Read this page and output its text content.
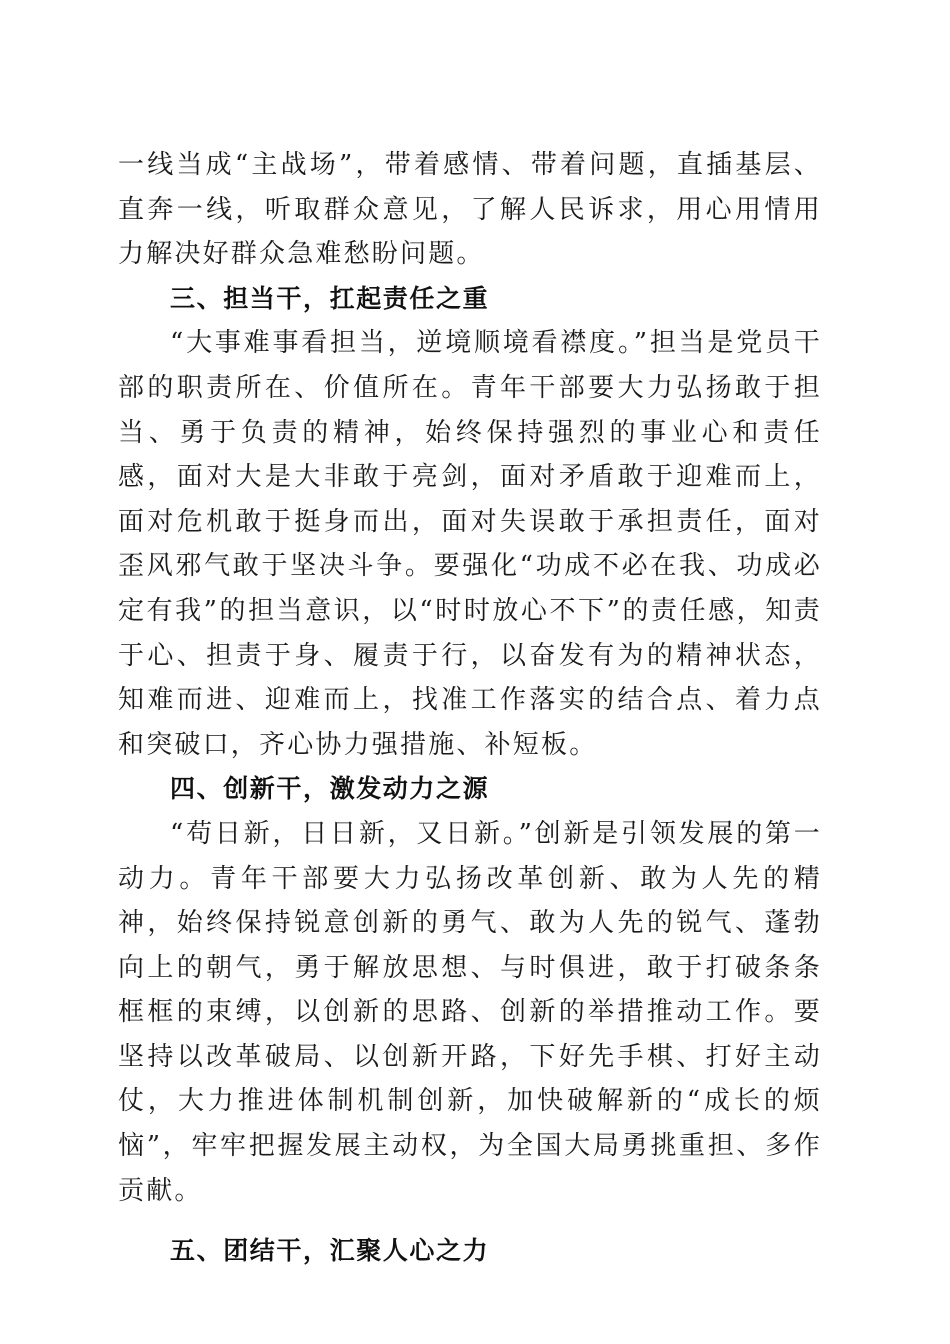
一线当成“主战场”，带着感情、带着问题，直插基层、直奔一线，听取群众意见，了解人民诉求，用心用情用力解决好群众急难愁盼问题。

三、担当干，扛起责任之重

“大事难事看担当，逆境顺境看襟度。”担当是党员干部的职责所在、价值所在。青年干部要大力弘扬敢于担当、勇于负责的精神，始终保持强烈的事业心和责任感，面对大是大非敢于亮剑，面对矛盾敢于迎难而上，面对危机敢于挺身而出，面对失误敢于承担责任，面对歪风邪气敢于坚决斗争。要强化“功成不必在我、功成必定有我”的担当意识，以“时时放心不下”的责任感，知责于心、担责于身、履责于行，以奋发有为的精神状态，知难而进、迎难而上，找准工作落实的结合点、着力点和突破口，齐心协力强措施、补短板。

四、创新干，激发动力之源

“苟日新，日日新，又日新。”创新是引领发展的第一动力。青年干部要大力弘扬改革创新、敢为人先的精神，始终保持锐意创新的勇气、敢为人先的锐气、蓬勃向上的朝气，勇于解放思想、与时俱进，敢于打破条条框框的束缚，以创新的思路、创新的举措推动工作。要坚持以改革破局、以创新开路，下好先手棋、打好主动仗，大力推进体制机制创新，加快破解新的“成长的烦恼”，牢牢把握发展主动权，为全国大局勇挑重担、多作贡献。

五、团结干，汇聚人心之力
